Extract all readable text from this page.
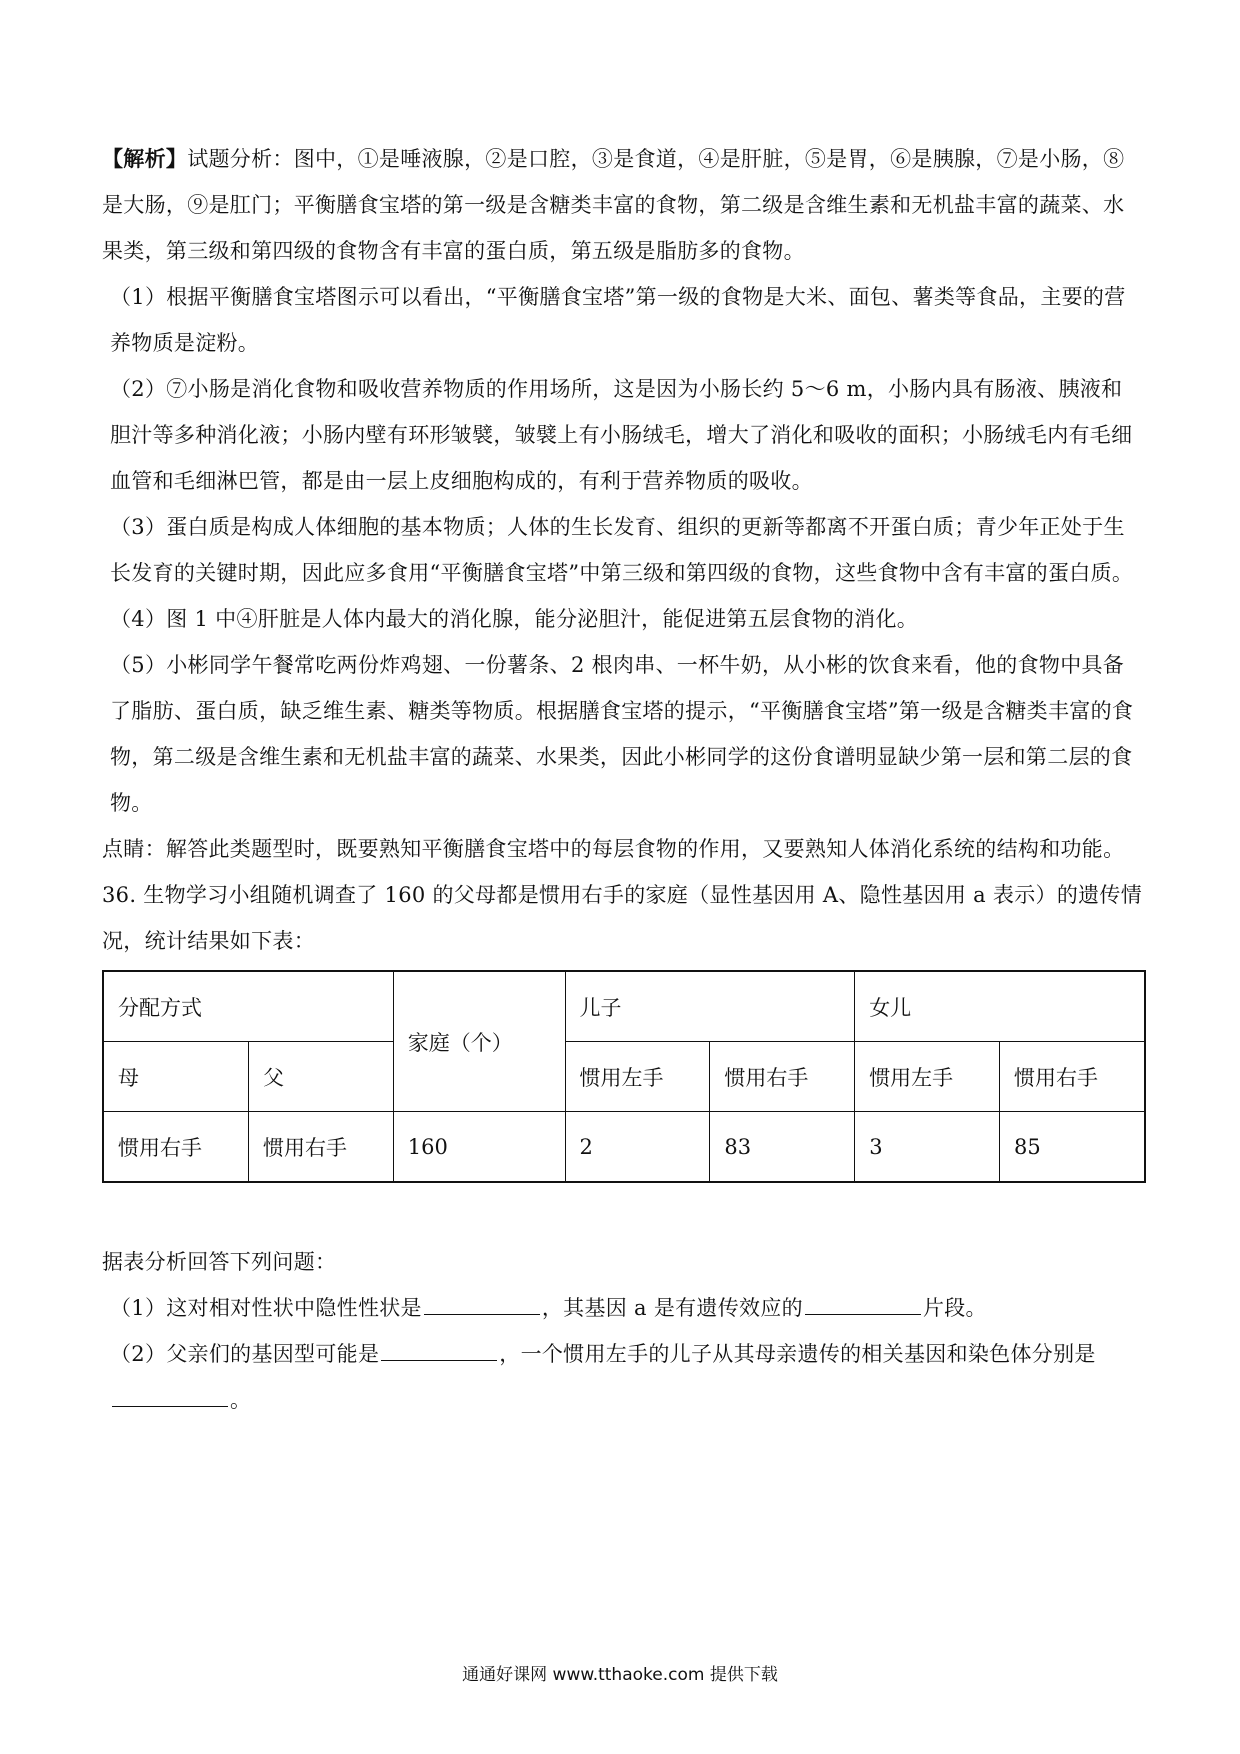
【解析】试题分析：图中，①是唾液腺，②是口腔，③是食道，④是肝脏，⑤是胃，⑥是胰腺，⑦是小肠，⑧是大肠，⑨是肛门；平衡膳食宝塔的第一级是含糖类丰富的食物，第二级是含维生素和无机盐丰富的蔬菜、水果类，第三级和第四级的食物含有丰富的蛋白质，第五级是脂肪多的食物。

（1）根据平衡膳食宝塔图示可以看出，“平衡膳食宝塔”第一级的食物是大米、面包、薯类等食品，主要的营养物质是淀粉。

（2）⑦小肠是消化食物和吸收营养物质的作用场所，这是因为小肠长约 5～6 m，小肠内具有肠液、胰液和胆汁等多种消化液；小肠内壁有环形皱襞，皱襞上有小肠绒毛，增大了消化和吸收的面积；小肠绒毛内有毛细血管和毛细淋巴管，都是由一层上皮细胞构成的，有利于营养物质的吸收。

（3）蛋白质是构成人体细胞的基本物质；人体的生长发育、组织的更新等都离不开蛋白质；青少年正处于生长发育的关键时期，因此应多食用“平衡膳食宝塔”中第三级和第四级的食物，这些食物中含有丰富的蛋白质。

（4）图 1 中④肝脏是人体内最大的消化腺，能分泌胆汁，能促进第五层食物的消化。

（5）小彬同学午餐常吃两份炸鸡翅、一份薯条、2 根肉串、一杯牛奶，从小彬的饮食来看，他的食物中具备了脂肪、蛋白质，缺乏维生素、糖类等物质。根据膳食宝塔的提示，“平衡膳食宝塔”第一级是含糖类丰富的食物，第二级是含维生素和无机盐丰富的蔬菜、水果类，因此小彬同学的这份食谱明显缺少第一层和第二层的食物。

点睛：解答此类题型时，既要熟知平衡膳食宝塔中的每层食物的作用，又要熟知人体消化系统的结构和功能。

36. 生物学习小组随机调查了 160 的父母都是惯用右手的家庭（显性基因用 A、隐性基因用 a 表示）的遗传情况，统计结果如下表：

分配方式		家庭（个）	儿子		女儿	
母	父		惯用左手	惯用右手	惯用左手	惯用右手
惯用右手	惯用右手	160	2	83	3	85

据表分析回答下列问题：

（1）这对相对性状中隐性性状是	，其基因 a 是有遗传效应的	片段。

（2）父亲们的基因型可能是	，一个惯用左手的儿子从其母亲遗传的相关基因和染色体分别是。

通通好课网 www.tthaoke.com 提供下载
